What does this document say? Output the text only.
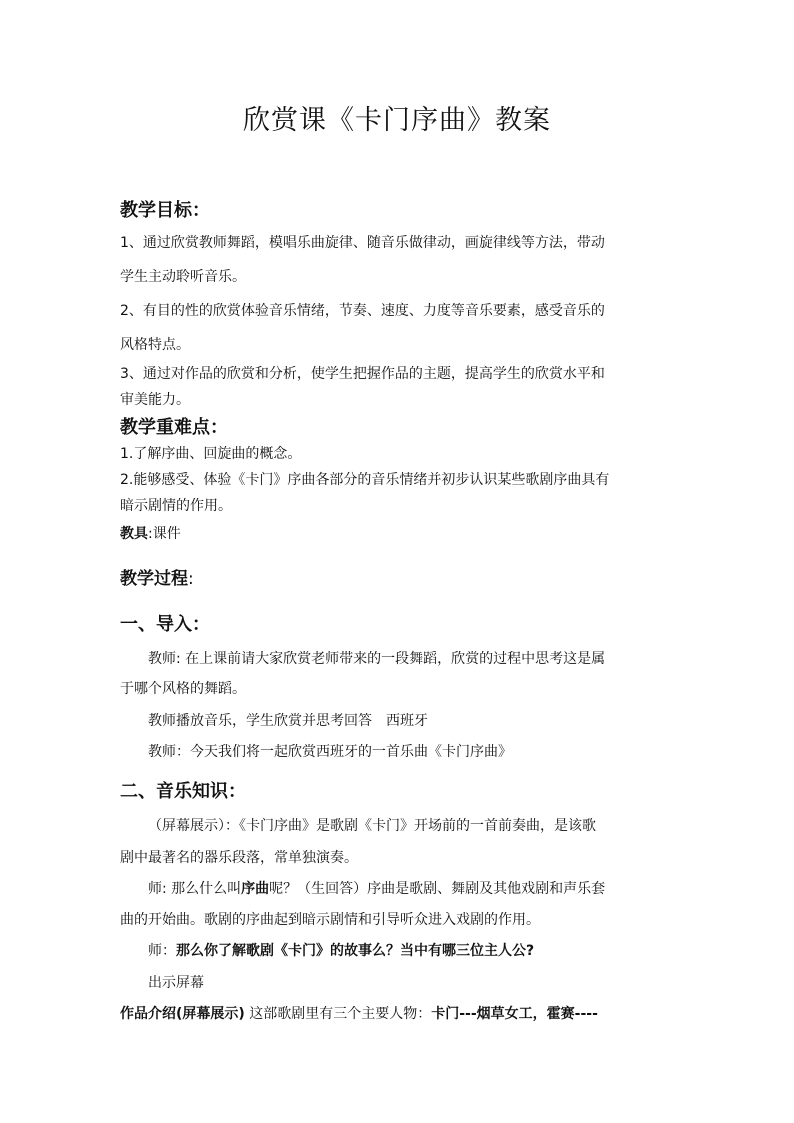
欣赏课《卡门序曲》教案
教学目标：
1、通过欣赏教师舞蹈，模唱乐曲旋律、随音乐做律动，画旋律线等方法，带动
学生主动聆听音乐。
2、有目的性的欣赏体验音乐情绪，节奏、速度、力度等音乐要素，感受音乐的
风格特点。
3、通过对作品的欣赏和分析，使学生把握作品的主题，提高学生的欣赏水平和
审美能力。
教学重难点：
1.了解序曲、回旋曲的概念。
2.能够感受、体验《卡门》序曲各部分的音乐情绪并初步认识某些歌剧序曲具有
暗示剧情的作用。
教具:课件
教学过程:
一、导入：
教师: 在上课前请大家欣赏老师带来的一段舞蹈，欣赏的过程中思考这是属
于哪个风格的舞蹈。
教师播放音乐，学生欣赏并思考回答　西班牙
教师：今天我们将一起欣赏西班牙的一首乐曲《卡门序曲》
二、音乐知识：
（屏幕展示）：《卡门序曲》是歌剧《卡门》开场前的一首前奏曲，是该歌
剧中最著名的器乐段落，常单独演奏。
师: 那么什么叫序曲呢？（生回答）序曲是歌剧、舞剧及其他戏剧和声乐套
曲的开始曲。歌剧的序曲起到暗示剧情和引导听众进入戏剧的作用。
师：那么你了解歌剧《卡门》的故事么？当中有哪三位主人公?
出示屏幕
作品介绍(屏幕展示) 这部歌剧里有三个主要人物：卡门---烟草女工，霍赛----
